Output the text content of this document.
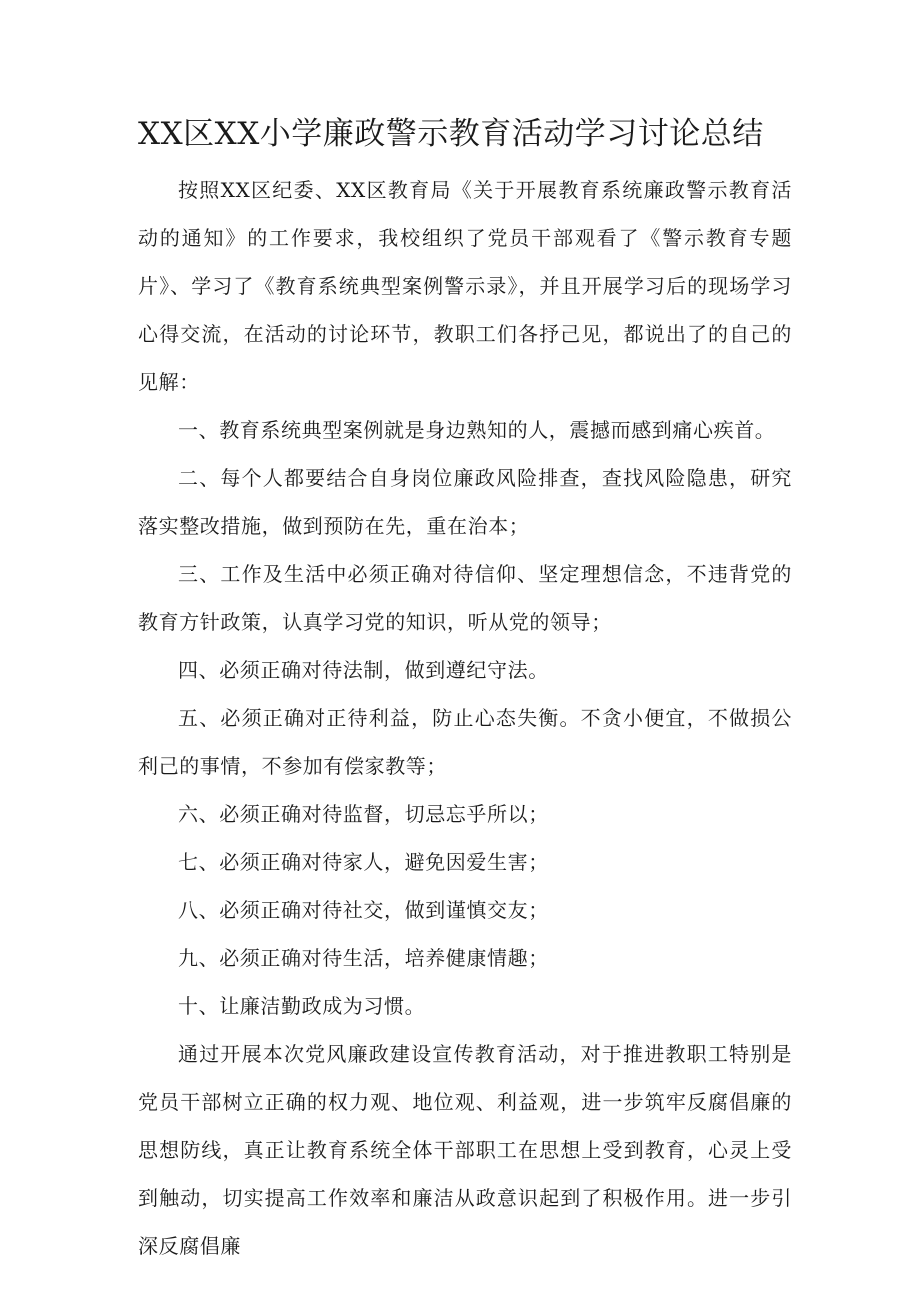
XX区XX小学廉政警示教育活动学习讨论总结

按照XX区纪委、XX区教育局《关于开展教育系统廉政警示教育活动的通知》的工作要求，我校组织了党员干部观看了《警示教育专题片》、学习了《教育系统典型案例警示录》，并且开展学习后的现场学习心得交流，在活动的讨论环节，教职工们各抒己见，都说出了的自己的见解：

一、教育系统典型案例就是身边熟知的人，震撼而感到痛心疾首。

二、每个人都要结合自身岗位廉政风险排查，查找风险隐患，研究落实整改措施，做到预防在先，重在治本；

三、工作及生活中必须正确对待信仰、坚定理想信念，不违背党的教育方针政策，认真学习党的知识，听从党的领导；

四、必须正确对待法制，做到遵纪守法。

五、必须正确对正待利益，防止心态失衡。不贪小便宜，不做损公利己的事情，不参加有偿家教等；

六、必须正确对待监督，切忌忘乎所以；

七、必须正确对待家人，避免因爱生害；

八、必须正确对待社交，做到谨慎交友；

九、必须正确对待生活，培养健康情趣；

十、让廉洁勤政成为习惯。

通过开展本次党风廉政建设宣传教育活动，对于推进教职工特别是党员干部树立正确的权力观、地位观、利益观，进一步筑牢反腐倡廉的思想防线，真正让教育系统全体干部职工在思想上受到教育，心灵上受到触动，切实提高工作效率和廉洁从政意识起到了积极作用。进一步引深反腐倡廉
